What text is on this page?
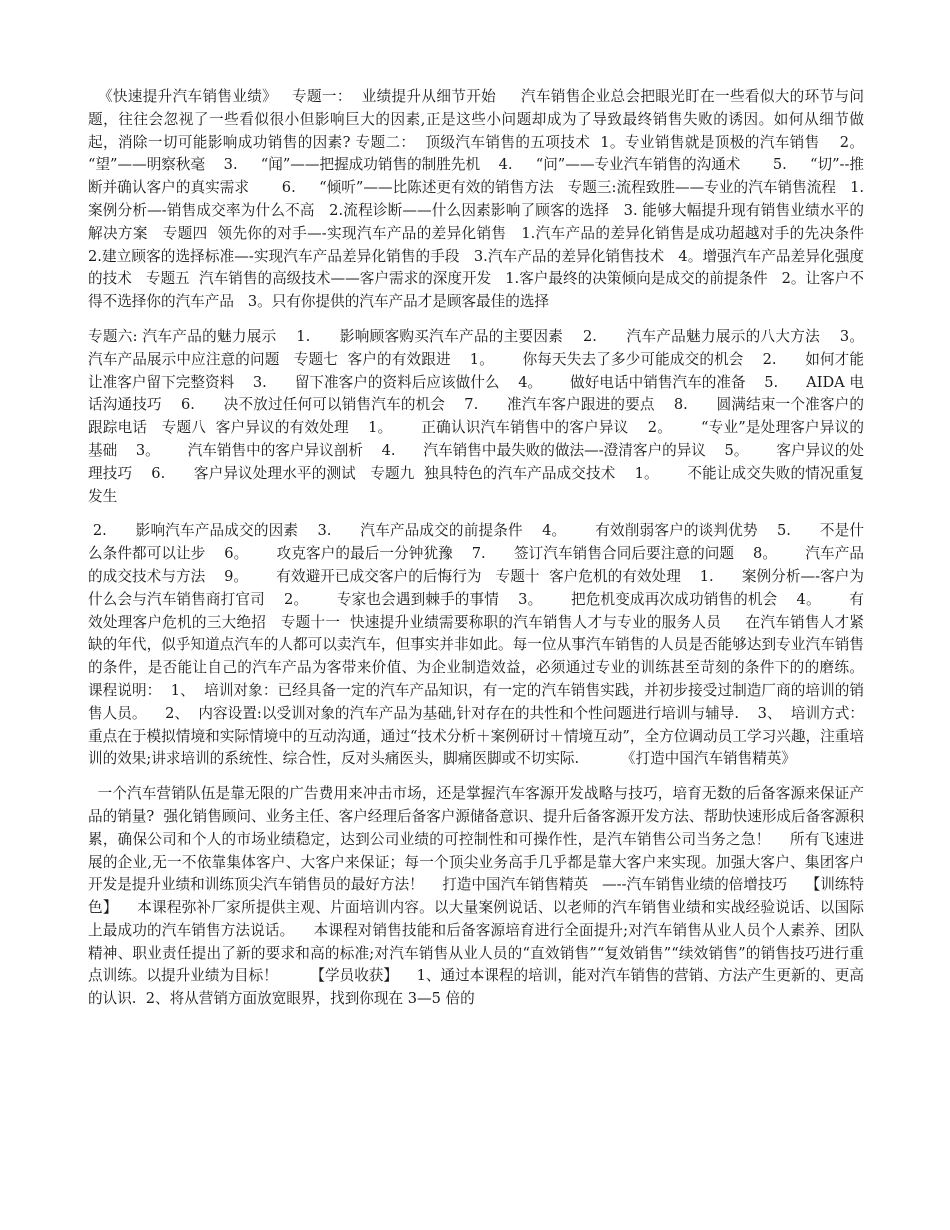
《快速提升汽车销售业绩》   专题一：  业绩提升从细节开始     汽车销售企业总会把眼光盯在一些看似大的环节与问题，往往会忽视了一些看似很小但影响巨大的因素,正是这些小问题却成为了导致最终销售失败的诱因。如何从细节做起，消除一切可能影响成功销售的因素? 专题二：  顶级汽车销售的五项技术  1。专业销售就是顶极的汽车销售    2。     “望”——明察秋毫    3.     “闻”——把握成功销售的制胜先机    4.     “问”——专业汽车销售的沟通术       5.     “切”--推断并确认客户的真实需求       6.     “倾听”——比陈述更有效的销售方法   专题三:流程致胜——专业的汽车销售流程   1.案例分析—-销售成交率为什么不高   2.流程诊断——什么因素影响了顾客的选择   3. 能够大幅提升现有销售业绩水平的解决方案   专题四  领先你的对手—-实现汽车产品的差异化销售   1.汽车产品的差异化销售是成功超越对手的先决条件   2.建立顾客的选择标准—-实现汽车产品差异化销售的手段   3.汽车产品的差异化销售技术   4。增强汽车产品差异化强度的技术   专题五  汽车销售的高级技术——客户需求的深度开发   1.客户最终的决策倾向是成交的前提条件   2。让客户不得不选择你的汽车产品   3。只有你提供的汽车产品才是顾客最佳的选择

专题六: 汽车产品的魅力展示    1.      影响顾客购买汽车产品的主要因素    2.      汽车产品魅力展示的八大方法    3。      汽车产品展示中应注意的问题   专题七  客户的有效跟进    1。      你每天失去了多少可能成交的机会    2.      如何才能让准客户留下完整资料    3.      留下准客户的资料后应该做什么    4。      做好电话中销售汽车的准备    5.      AIDA 电话沟通技巧    6.      决不放过任何可以销售汽车的机会    7.      准汽车客户跟进的要点    8.      圆满结束一个准客户的跟踪电话   专题八  客户异议的有效处理    1。      正确认识汽车销售中的客户异议    2。      “专业”是处理客户异议的基础    3。      汽车销售中的客户异议剖析    4.      汽车销售中最失败的做法—-澄清客户的异议    5。      客户异议的处理技巧    6.      客户异议处理水平的测试   专题九  独具特色的汽车产品成交技术    1。      不能让成交失败的情况重复发生

2.      影响汽车产品成交的因素    3.      汽车产品成交的前提条件    4。      有效削弱客户的谈判优势    5.      不是什么条件都可以让步    6。      攻克客户的最后一分钟犹豫    7.      签订汽车销售合同后要注意的问题    8。      汽车产品的成交技术与方法    9。      有效避开已成交客户的后悔行为   专题十  客户危机的有效处理    1.      案例分析—-客户为什么会与汽车销售商打官司    2。      专家也会遇到棘手的事情    3。      把危机变成再次成功销售的机会    4。      有效处理客户危机的三大绝招   专题十一  快速提升业绩需要称职的汽车销售人才与专业的服务人员     在汽车销售人才紧缺的年代，似乎知道点汽车的人都可以卖汽车，但事实并非如此。每一位从事汽车销售的人员是否能够达到专业汽车销售的条件，是否能让自己的汽车产品为客带来价值、为企业制造效益，必须通过专业的训练甚至苛刻的条件下的的磨练。   课程说明：  1、  培训对象：已经具备一定的汽车产品知识，有一定的汽车销售实践，并初步接受过制造厂商的培训的销售人员。    2、  内容设置:以受训对象的汽车产品为基础,针对存在的共性和个性问题进行培训与辅导.    3、  培训方式：重点在于模拟情境和实际情境中的互动沟通，通过“技术分析＋案例研讨＋情境互动”，全方位调动员工学习兴趣，注重培训的效果;讲求培训的系统性、综合性，反对头痛医头，脚痛医脚或不切实际.         《打造中国汽车销售精英》

一个汽车营销队伍是靠无限的广告费用来冲击市场，还是掌握汽车客源开发战略与技巧，培育无数的后备客源来保证产品的销量?  强化销售顾问、业务主任、客户经理后备客户源储备意识、提升后备客源开发方法、帮助快速形成后备客源积累，确保公司和个人的市场业绩稳定，达到公司业绩的可控制性和可操作性，是汽车销售公司当务之急！    所有飞速进展的企业,无一不依靠集体客户、大客户来保证；每一个顶尖业务高手几乎都是靠大客户来实现。加强大客户、集团客户开发是提升业绩和训练顶尖汽车销售员的最好方法！    打造中国汽车销售精英   —--汽车销售业绩的倍增技巧    【训练特色】    本课程弥补厂家所提供主观、片面培训内容。以大量案例说话、以老师的汽车销售业绩和实战经验说话、以国际上最成功的汽车销售方法说话。    本课程对销售技能和后备客源培育进行全面提升;对汽车销售从业人员个人素养、团队精神、职业责任提出了新的要求和高的标准;对汽车销售从业人员的“直效销售”“复效销售”“续效销售”的销售技巧进行重点训练。以提升业绩为目标！       【学员收获】    1、通过本课程的培训，能对汽车销售的营销、方法产生更新的、更高的认识.  2、将从营销方面放宽眼界，找到你现在 3—5 倍的
